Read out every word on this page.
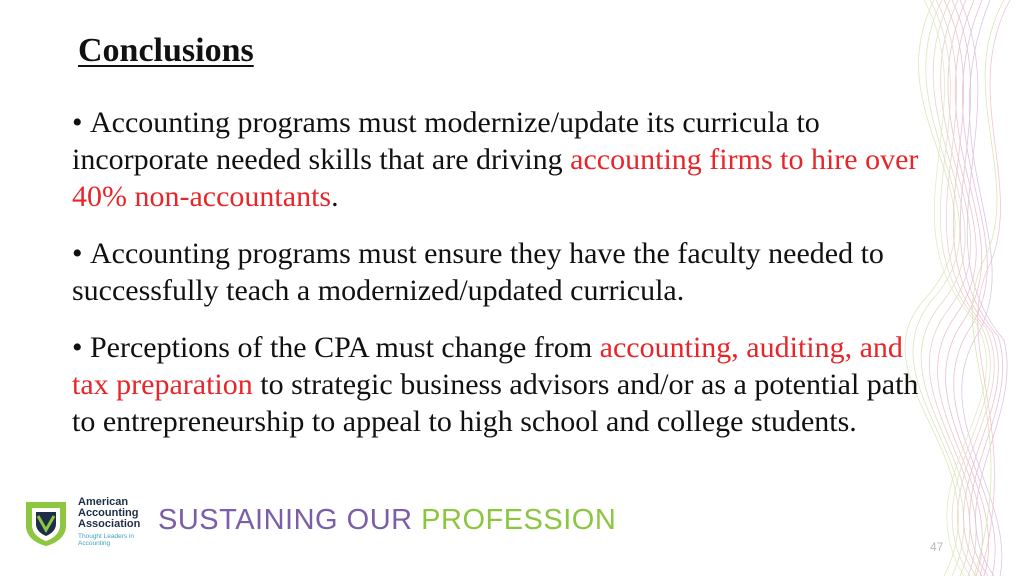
Conclusions

• Accounting programs must modernize/update its curricula to incorporate needed skills that are driving accounting firms to hire over 40% non-accountants.

• Accounting programs must ensure they have the faculty needed to successfully teach a modernized/updated curricula.

• Perceptions of the CPA must change from accounting, auditing, and tax preparation to strategic business advisors and/or as a potential path to entrepreneurship to appeal to high school and college students.

American
Accounting
Association
Thought Leaders in Accounting
SUSTAINING OUR PROFESSION
47
